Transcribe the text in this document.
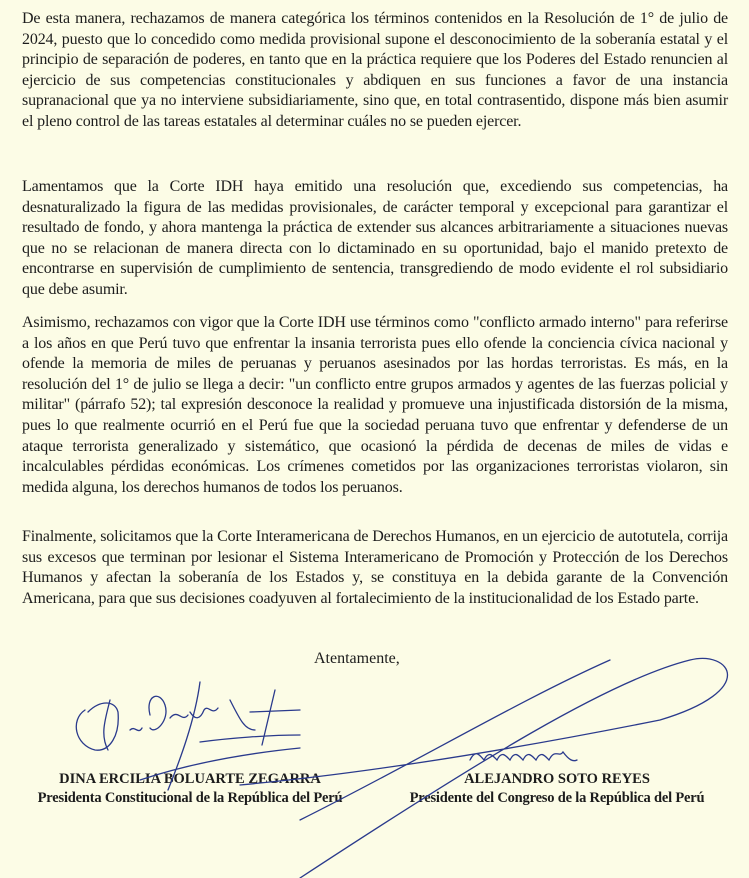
De esta manera, rechazamos de manera categórica los términos contenidos en la Resolución de 1° de julio de 2024, puesto que lo concedido como medida provisional supone el desconocimiento de la soberanía estatal y el principio de separación de poderes, en tanto que en la práctica requiere que los Poderes del Estado renuncien al ejercicio de sus competencias constitucionales y abdiquen en sus funciones a favor de una instancia supranacional que ya no interviene subsidiariamente, sino que, en total contrasentido, dispone más bien asumir el pleno control de las tareas estatales al determinar cuáles no se pueden ejercer.

Lamentamos que la Corte IDH haya emitido una resolución que, excediendo sus competencias, ha desnaturalizado la figura de las medidas provisionales, de carácter temporal y excepcional para garantizar el resultado de fondo, y ahora mantenga la práctica de extender sus alcances arbitrariamente a situaciones nuevas que no se relacionan de manera directa con lo dictaminado en su oportunidad, bajo el manido pretexto de encontrarse en supervisión de cumplimiento de sentencia, transgrediendo de modo evidente el rol subsidiario que debe asumir.

Asimismo, rechazamos con vigor que la Corte IDH use términos como "conflicto armado interno" para referirse a los años en que Perú tuvo que enfrentar la insania terrorista pues ello ofende la conciencia cívica nacional y ofende la memoria de miles de peruanas y peruanos asesinados por las hordas terroristas. Es más, en la resolución del 1° de julio se llega a decir: "un conflicto entre grupos armados y agentes de las fuerzas policial y militar" (párrafo 52); tal expresión desconoce la realidad y promueve una injustificada distorsión de la misma, pues lo que realmente ocurrió en el Perú fue que la sociedad peruana tuvo que enfrentar y defenderse de un ataque terrorista generalizado y sistemático, que ocasionó la pérdida de decenas de miles de vidas e incalculables pérdidas económicas. Los crímenes cometidos por las organizaciones terroristas violaron, sin medida alguna, los derechos humanos de todos los peruanos.

Finalmente, solicitamos que la Corte Interamericana de Derechos Humanos, en un ejercicio de autotutela, corrija sus excesos que terminan por lesionar el Sistema Interamericano de Promoción y Protección de los Derechos Humanos y afectan la soberanía de los Estados y, se constituya en la debida garante de la Convención Americana, para que sus decisiones coadyuven al fortalecimiento de la institucionalidad de los Estado parte.

Atentamente,
DINA ERCILIA BOLUARTE ZEGARRA
Presidenta Constitucional de la República del Perú
ALEJANDRO SOTO REYES
Presidente del Congreso de la República del Perú
